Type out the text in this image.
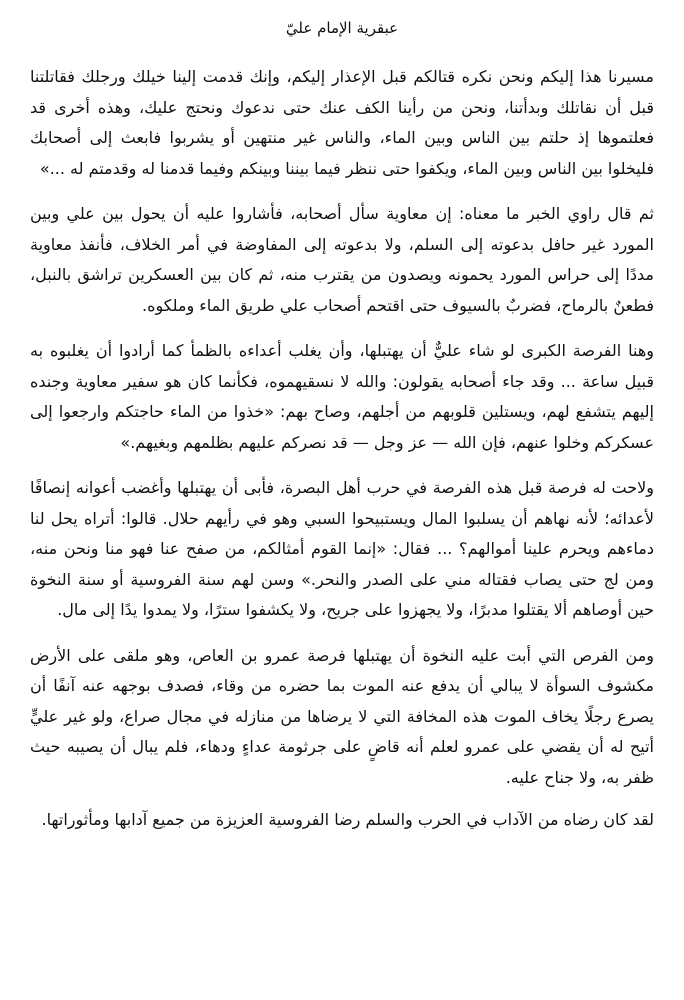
عبقرية الإمام عليّ

مسيرنا هذا إليكم ونحن نكره قتالكم قبل الإعذار إليكم، وإنك قدمت إلينا خيلك ورجلك فقاتلتنا قبل أن نقاتلك وبدأتنا، ونحن من رأينا الكف عنك حتى ندعوك ونحتج عليك، وهذه أخرى قد فعلتموها إذ حلتم بين الناس وبين الماء، والناس غير منتهين أو يشربوا فابعث إلى أصحابك فليخلوا بين الناس وبين الماء، ويكفوا حتى ننظر فيما بيننا وبينكم وفيما قدمنا له وقدمتم له ...»

ثم قال راوي الخبر ما معناه: إن معاوية سأل أصحابه، فأشاروا عليه أن يحول بين علي وبين المورد غير حافل بدعوته إلى السلم، ولا بدعوته إلى المفاوضة في أمر الخلاف، فأنفذ معاوية مددًا إلى حراس المورد يحمونه ويصدون من يقترب منه، ثم كان بين العسكرين تراشق بالنبل، فطعنٌ بالرماح، فضربٌ بالسيوف حتى اقتحم أصحاب علي طريق الماء وملكوه.

وهنا الفرصة الكبرى لو شاء عليٌّ أن يهتبلها، وأن يغلب أعداءه بالظمأ كما أرادوا أن يغلبوه به قبيل ساعة ... وقد جاء أصحابه يقولون: والله لا نسقيهموه، فكأنما كان هو سفير معاوية وجنده إليهم يتشفع لهم، ويستلين قلوبهم من أجلهم، وصاح بهم: «خذوا من الماء حاجتكم وارجعوا إلى عسكركم وخلوا عنهم، فإن الله — عز وجل — قد نصركم عليهم بظلمهم وبغيهم.»

ولاحت له فرصة قبل هذه الفرصة في حرب أهل البصرة، فأبى أن يهتبلها وأغضب أعوانه إنصافًا لأعدائه؛ لأنه نهاهم أن يسلبوا المال ويستبيحوا السبي وهو في رأيهم حلال. قالوا: أتراه يحل لنا دماءهم ويحرم علينا أموالهم؟ ... فقال: «إنما القوم أمثالكم، من صفح عنا فهو منا ونحن منه، ومن لج حتى يصاب فقتاله مني على الصدر والنحر.» وسن لهم سنة الفروسية أو سنة النخوة حين أوصاهم ألا يقتلوا مدبرًا، ولا يجهزوا على جريح، ولا يكشفوا سترًا، ولا يمدوا يدًا إلى مال.

ومن الفرص التي أبت عليه النخوة أن يهتبلها فرصة عمرو بن العاص، وهو ملقى على الأرض مكشوف السوأة لا يبالي أن يدفع عنه الموت بما حضره من وقاء، فصدف بوجهه عنه آنفًا أن يصرع رجلًا يخاف الموت هذه المخافة التي لا يرضاها من منازله في مجال صراع، ولو غير عليٍّ أتيح له أن يقضي على عمرو لعلم أنه قاضٍ على جرثومة عداءٍ ودهاء، فلم يبال أن يصيبه حيث ظفر به، ولا جناح عليه.

لقد كان رضاه من الآداب في الحرب والسلم رضا الفروسية العزيزة من جميع آدابها ومأثوراتها.
